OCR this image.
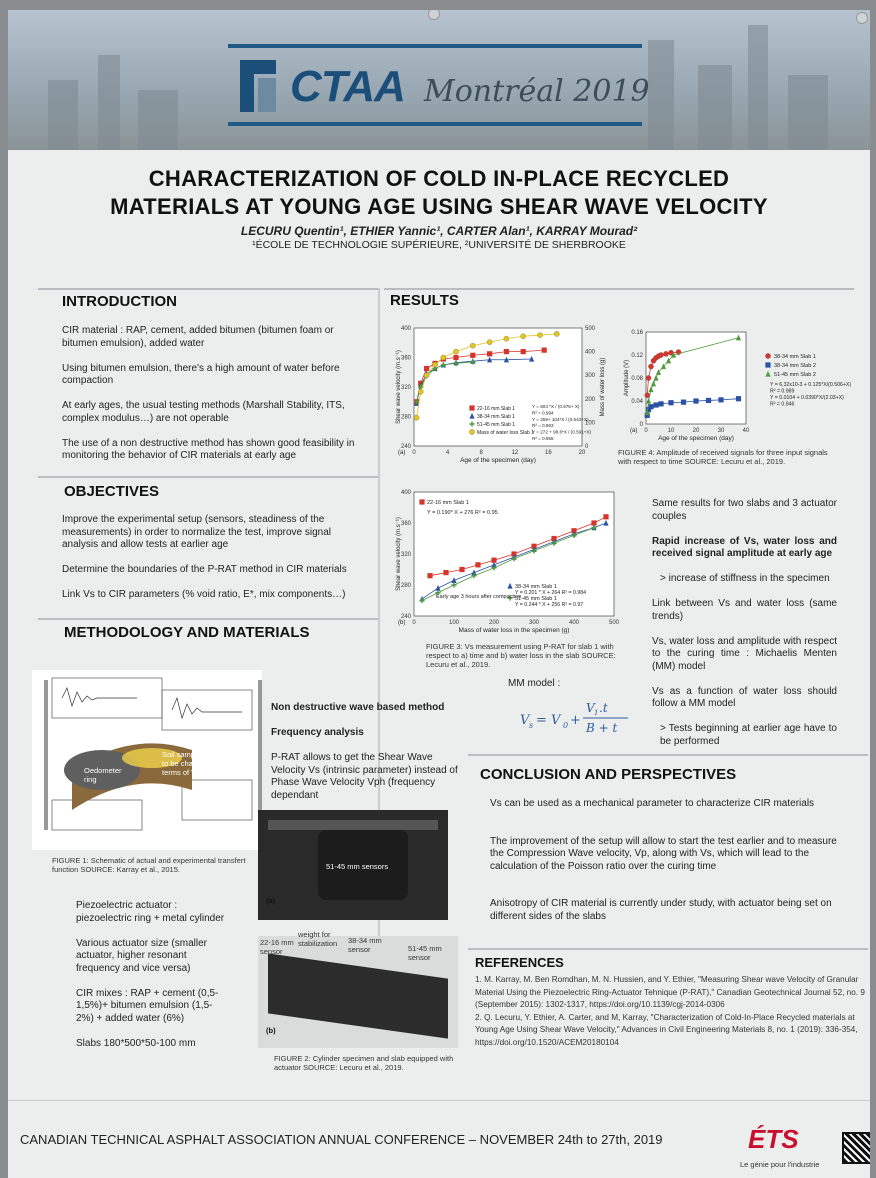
CTAA Montréal 2019
CHARACTERIZATION OF COLD IN-PLACE RECYCLED
MATERIALS AT YOUNG AGE USING SHEAR WAVE VELOCITY
LECURU Quentin¹, ETHIER Yannic¹, CARTER Alan¹, KARRAY Mourad²
¹ÉCOLE DE TECHNOLOGIE SUPÉRIEURE, ²UNIVERSITÉ DE SHERBROOKE
INTRODUCTION

CIR material : RAP, cement, added bitumen (bitumen foam or bitumen emulsion), added water

Using bitumen emulsion, there's a high amount of water before compaction

At early ages, the usual testing methods (Marshall Stability, ITS, complex modulus…) are not operable

The use of a non destructive method has shown good feasibility in monitoring the behavior of CIR materials at early age

OBJECTIVES

Improve the experimental setup (sensors, steadiness of the measurements) in order to normalize the test, improve signal analysis and allow tests at earlier age

Determine the boundaries of the P-RAT method in CIR materials

Link Vs to CIR parameters (% void ratio, E*, mix components…)

METHODOLOGY AND MATERIALS
Soil sample - Structure to be characterized in terms of V_s
Oedometer ring
FIGURE 1: Schematic of actual and experimental transfert function SOURCE: Karray et al., 2015.

Non destructive wave based method

Frequency analysis

P-RAT allows to get the Shear Wave Velocity Vs (intrinsic parameter) instead of Phase Wave Velocity Vph (frequency dependant

51-45 mm sensors
(a)
22-16 mm sensor
weight for stabilization	38-34 mm sensor	51-45 mm sensor
(b)
FIGURE 2: Cylinder specimen and slab equipped with actuator SOURCE: Lecuru et al., 2019.

Piezoelectric actuator : piezoelectric ring + metal cylinder

Various actuator size (smaller actuator, higher resonant frequency and vice versa)

CIR mixes : RAP + cement (0,5-1,5%)+ bitumen emulsion (1,5-2%) + added water (6%)

Slabs 180*500*50-100 mm

RESULTS
0	4	8	12	16	20
240
280
320
360
400
0
100
200
300
400
500
Age of the specimen (day)
Shear wave velocity (m.s⁻¹)	Mass of water loss (g)
(a)
22-16 mm Slab 1
38-34 mm Slab 1
51-45 mm Slab 1
Mass of water loss Slab 1
Y = 504 *X / (0.676+ X)
R² = 0.994
Y = 259+ 104*X / (0.543+X)
R² = 0.963
Y = 272 + 98.6*X / (0.591+X)
R² = 0.955
0	100	200	300	400	500
240
280
320
360
400
Mass of water loss in the specimen (g)
Shear wave velocity (m.s⁻¹)
(b)
22-16 mm Slab 1
Y = 0.190* X + 276 R² = 0.95
38-34 mm Slab 1
Y = 0.201 * X + 264 R² = 0.984
51-45 mm Slab 1
Y = 0.244 * X + 256 R² = 0.97
Early age 3 hours after compaction
0	10	20	30	40
0
0.04
0.08
0.12
0.16
Age of the specimen (day)
Amplitude (V)
(a)
38-34 mm Slab 1
38-34 mm Slab 2
51-45 mm Slab 2
Y = 6.32x10-3 + 0.125*X/(0.506+X)
R² = 0.989
Y = 0.0104 + 0.0390*X/(2.03+X)
R² = 0.946
FIGURE 3: Vs measurement using P-RAT for slab 1 with respect to a) time and b) water loss in the slab SOURCE: Lecuru et al., 2019.
FIGURE 4: Amplitude of received signals for three input signals with respect to time SOURCE: Lecuru et al., 2019.
MM model :
V s = V 0 +
V 1 .t
B + t

Same results for two slabs and 3 actuator couples

Rapid increase of Vs, water loss and received signal amplitude at early age

> increase of stiffness in the specimen

Link between Vs and water loss (same trends)

Vs, water loss and amplitude with respect to the curing time : Michaelis Menten (MM) model

Vs as a function of water loss should follow a MM model

> Tests beginning at earlier age have to be performed

CONCLUSION AND PERSPECTIVES

Vs can be used as a mechanical parameter to characterize CIR materials

The improvement of the setup will allow to start the test earlier and to measure the Compression Wave velocity, Vp, along with Vs, which will lead to the calculation of the Poisson ratio over the curing time

Anisotropy of CIR material is currently under study, with actuator being set on different sides of the slabs

REFERENCES

1. M. Karray, M. Ben Romdhan, M. N. Hussien, and Y. Ethier, "Measuring Shear wave Velocity of Granular Material Using the Piezoelectric Ring-Actuator Tehnique (P-RAT)," Canadian Geotechnical Journal 52, no. 9 (September 2015): 1302-1317, https://doi.org/10.1139/cgj-2014-0306

2. Q. Lecuru, Y. Ethier, A. Carter, and M, Karray, "Characterization of Cold-In-Place Recycled materials at Young Age Using Shear Wave Velocity," Advances in Civil Engineering Materials 8, no. 1 (2019): 336-354, https://doi.org/10.1520/ACEM20180104

CANADIAN TECHNICAL ASPHALT ASSOCIATION ANNUAL CONFERENCE – NOVEMBER 24th to 27th, 2019	ÉTS
Le génie pour l'industrie
